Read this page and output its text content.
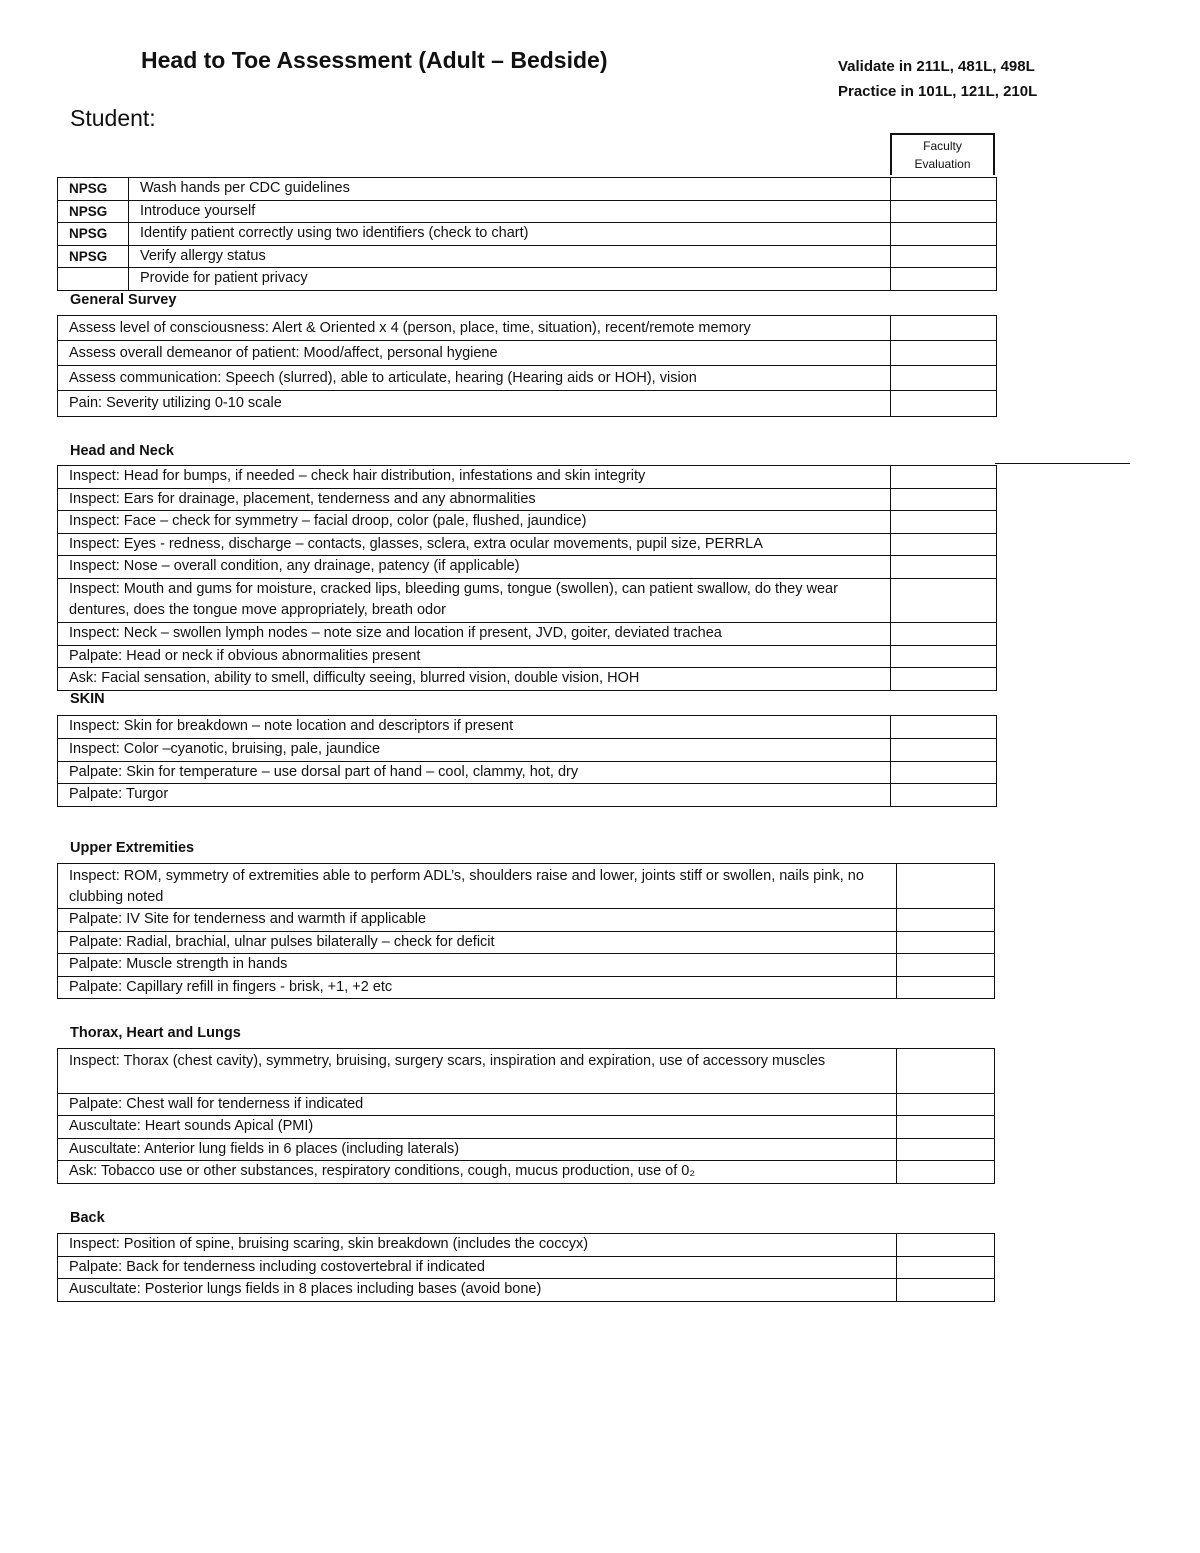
Head to Toe Assessment (Adult – Bedside)	Validate in 211L, 481L, 498L
Practice in 101L, 121L, 210L
Student:
Faculty
Evaluation
NPSG	Wash hands per CDC guidelines	
NPSG	Introduce yourself	
NPSG	Identify patient correctly using two identifiers (check to chart)	
NPSG	Verify allergy status	
	Provide for patient privacy	
General Survey
Assess level of consciousness: Alert & Oriented x 4 (person, place, time, situation), recent/remote memory	
Assess overall demeanor of patient: Mood/affect, personal hygiene	
Assess communication: Speech (slurred), able to articulate, hearing (Hearing aids or HOH), vision	
Pain: Severity utilizing 0-10 scale	
Head and Neck
Inspect: Head for bumps, if needed – check hair distribution, infestations and skin integrity	
Inspect: Ears for drainage, placement, tenderness and any abnormalities	
Inspect: Face – check for symmetry – facial droop, color (pale, flushed, jaundice)	
Inspect: Eyes - redness, discharge – contacts, glasses, sclera, extra ocular movements, pupil size, PERRLA	
Inspect: Nose – overall condition, any drainage, patency (if applicable)	
Inspect: Mouth and gums for moisture, cracked lips, bleeding gums, tongue (swollen), can patient swallow, do they wear dentures, does the tongue move appropriately, breath odor	
Inspect: Neck – swollen lymph nodes – note size and location if present, JVD, goiter, deviated trachea	
Palpate: Head or neck if obvious abnormalities present	
Ask: Facial sensation, ability to smell, difficulty seeing, blurred vision, double vision, HOH	
SKIN
Inspect: Skin for breakdown – note location and descriptors if present	
Inspect: Color –cyanotic, bruising, pale, jaundice	
Palpate: Skin for temperature – use dorsal part of hand – cool, clammy, hot, dry	
Palpate: Turgor	
Upper Extremities
Inspect: ROM, symmetry of extremities able to perform ADL’s, shoulders raise and lower, joints stiff or swollen, nails pink, no clubbing noted	
Palpate: IV Site for tenderness and warmth if applicable	
Palpate: Radial, brachial, ulnar pulses bilaterally – check for deficit	
Palpate: Muscle strength in hands	
Palpate: Capillary refill in fingers - brisk, +1, +2 etc	
Thorax, Heart and Lungs
Inspect: Thorax (chest cavity), symmetry, bruising, surgery scars, inspiration and expiration, use of accessory muscles	
Palpate: Chest wall for tenderness if indicated	
Auscultate: Heart sounds Apical (PMI)	
Auscultate: Anterior lung fields in 6 places (including laterals)	
Ask: Tobacco use or other substances, respiratory conditions, cough, mucus production, use of 0₂	
Back
Inspect: Position of spine, bruising scaring, skin breakdown (includes the coccyx)	
Palpate: Back for tenderness including costovertebral if indicated	
Auscultate: Posterior lungs fields in 8 places including bases (avoid bone)	
